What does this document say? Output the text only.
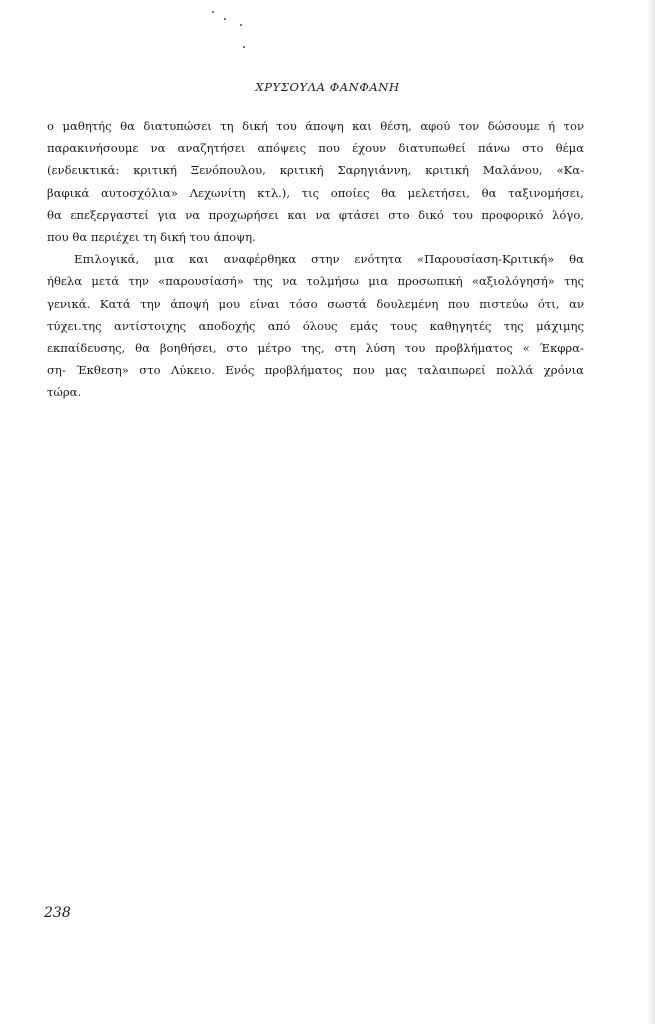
ΧΡΥΣΟΥΛΑ ΦΑΝΦΑΝΗ
ο μαθητής θα διατυπώσει τη δική του άποψη και θέση, αφού τον δώσουμε ή τον
παρακινήσουμε να αναζητήσει απόψεις που έχουν διατυπωθεί πάνω στο θέμα
(ενδεικτικά: κριτική Ξενόπουλου, κριτική Σαρηγιάννη, κριτική Μαλάνου, «Κα-
βαφικά αυτοσχόλια» Λεχωνίτη κτλ.), τις οποίες θα μελετήσει, θα ταξινομήσει,
θα επεξεργαστεί για να προχωρήσει και να φτάσει στο δικό του προφορικό λόγο,
που θα περιέχει τη δική του άποψη.
Επιλογικά, μια και αναφέρθηκα στην ενότητα «Παρουσίαση-Κριτική» θα
ήθελα μετά την «παρουσίασή» της να τολμήσω μια προσωπική «αξιολόγησή» της
γενικά. Κατά την άποψή μου είναι τόσο σωστά δουλεμένη που πιστεύω ότι, αν
τύχει.της αντίστοιχης αποδοχής από όλους εμάς τους καθηγητές της μάχιμης
εκπαίδευσης, θα βοηθήσει, στο μέτρο της, στη λύση του προβλήματος « Έκφρα-
ση- Έκθεση» στο Λύκειο. Ενός προβλήματος που μας ταλαιπωρεί πολλά χρόνια
τώρα.
238
